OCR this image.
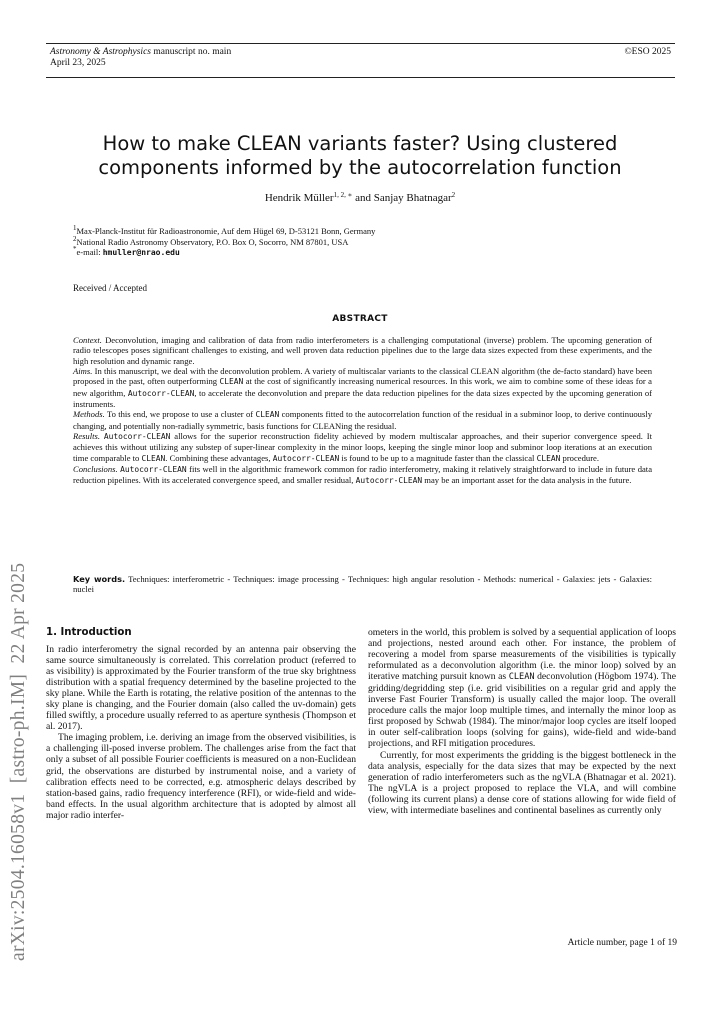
Astronomy & Astrophysics manuscript no. main
April 23, 2025
©ESO 2025
arXiv:2504.16058v1  [astro-ph.IM]  22 Apr 2025
How to make CLEAN variants faster? Using clustered
components informed by the autocorrelation function
Hendrik Müller$^{1, 2, ∗}$ and Sanjay Bhatnagar$^2$
$^1$Max-Planck-Institut für Radioastronomie, Auf dem Hügel 69, D-53121 Bonn, Germany
$^2$National Radio Astronomy Observatory, P.O. Box O, Socorro, NM 87801, USA
*e-mail: hmuller@nrao.edu
Received / Accepted
ABSTRACT

Context. Deconvolution, imaging and calibration of data from radio interferometers is a challenging computational (inverse) problem. The upcoming generation of radio telescopes poses significant challenges to existing, and well proven data reduction pipelines due to the large data sizes expected from these experiments, and the high resolution and dynamic range.

Aims. In this manuscript, we deal with the deconvolution problem. A variety of multiscalar variants to the classical CLEAN algorithm (the de-facto standard) have been proposed in the past, often outperforming CLEAN at the cost of significantly increasing numerical resources. In this work, we aim to combine some of these ideas for a new algorithm, Autocorr-CLEAN, to accelerate the deconvolution and prepare the data reduction pipelines for the data sizes expected by the upcoming generation of instruments.

Methods. To this end, we propose to use a cluster of CLEAN components fitted to the autocorrelation function of the residual in a subminor loop, to derive continuously changing, and potentially non-radially symmetric, basis functions for CLEANing the residual.

Results. Autocorr-CLEAN allows for the superior reconstruction fidelity achieved by modern multiscalar approaches, and their superior convergence speed. It achieves this without utilizing any substep of super-linear complexity in the minor loops, keeping the single minor loop and subminor loop iterations at an execution time comparable to CLEAN. Combining these advantages, Autocorr-CLEAN is found to be up to a magnitude faster than the classical CLEAN procedure.

Conclusions. Autocorr-CLEAN fits well in the algorithmic framework common for radio interferometry, making it relatively straightforward to include in future data reduction pipelines. With its accelerated convergence speed, and smaller residual, Autocorr-CLEAN may be an important asset for the data analysis in the future.

Key words. Techniques: interferometric - Techniques: image processing - Techniques: high angular resolution - Methods: numerical - Galaxies: jets - Galaxies: nuclei
1. Introduction

In radio interferometry the signal recorded by an antenna pair observing the same source simultaneously is correlated. This correlation product (referred to as visibility) is approximated by the Fourier transform of the true sky brightness distribution with a spatial frequency determined by the baseline projected to the sky plane. While the Earth is rotating, the relative position of the antennas to the sky plane is changing, and the Fourier domain (also called the uv-domain) gets filled swiftly, a procedure usually referred to as aperture synthesis (Thompson et al. 2017).

The imaging problem, i.e. deriving an image from the observed visibilities, is a challenging ill-posed inverse problem. The challenges arise from the fact that only a subset of all possible Fourier coefficients is measured on a non-Euclidean grid, the observations are disturbed by instrumental noise, and a variety of calibration effects need to be corrected, e.g. atmospheric delays described by station-based gains, radio frequency interference (RFI), or wide-field and wide-band effects. In the usual algorithm architecture that is adopted by almost all major radio interfer-

ometers in the world, this problem is solved by a sequential application of loops and projections, nested around each other. For instance, the problem of recovering a model from sparse measurements of the visibilities is typically reformulated as a deconvolution algorithm (i.e. the minor loop) solved by an iterative matching pursuit known as CLEAN deconvolution (Högbom 1974). The gridding/degridding step (i.e. grid visibilities on a regular grid and apply the inverse Fast Fourier Transform) is usually called the major loop. The overall procedure calls the major loop multiple times, and internally the minor loop as first proposed by Schwab (1984). The minor/major loop cycles are itself looped in outer self-calibration loops (solving for gains), wide-field and wide-band projections, and RFI mitigation procedures.

Currently, for most experiments the gridding is the biggest bottleneck in the data analysis, especially for the data sizes that may be expected by the next generation of radio interferometers such as the ngVLA (Bhatnagar et al. 2021). The ngVLA is a project proposed to replace the VLA, and will combine (following its current plans) a dense core of stations allowing for wide field of view, with intermediate baselines and continental baselines as currently only

Article number, page 1 of 19
